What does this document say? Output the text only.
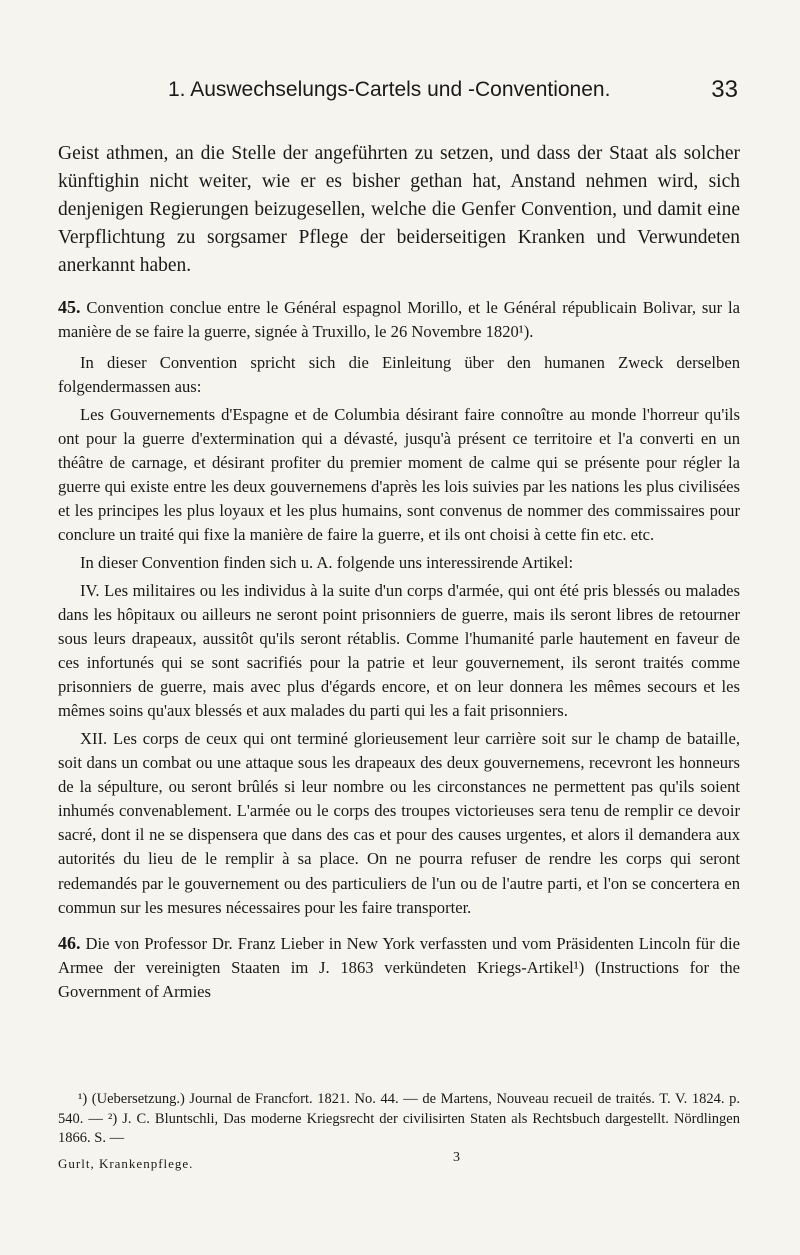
1. Auswechselungs-Cartels und -Conventionen.	33

Geist athmen, an die Stelle der angeführten zu setzen, und dass der Staat als solcher künftighin nicht weiter, wie er es bisher gethan hat, Anstand nehmen wird, sich denjenigen Regierungen beizugesellen, welche die Genfer Convention, und damit eine Verpflichtung zu sorgsamer Pflege der beiderseitigen Kranken und Verwundeten anerkannt haben.

45. Convention conclue entre le Général espagnol Morillo, et le Général républicain Bolivar, sur la manière de se faire la guerre, signée à Truxillo, le 26 Novembre 1820¹).

In dieser Convention spricht sich die Einleitung über den humanen Zweck derselben folgendermassen aus:

Les Gouvernements d'Espagne et de Columbia désirant faire connoître au monde l'horreur qu'ils ont pour la guerre d'extermination qui a dévasté, jusqu'à présent ce territoire et l'a converti en un théâtre de carnage, et désirant profiter du premier moment de calme qui se présente pour régler la guerre qui existe entre les deux gouvernemens d'après les lois suivies par les nations les plus civilisées et les principes les plus loyaux et les plus humains, sont convenus de nommer des commissaires pour conclure un traité qui fixe la manière de faire la guerre, et ils ont choisi à cette fin etc. etc.

In dieser Convention finden sich u. A. folgende uns interessirende Artikel:

IV. Les militaires ou les individus à la suite d'un corps d'armée, qui ont été pris blessés ou malades dans les hôpitaux ou ailleurs ne seront point prisonniers de guerre, mais ils seront libres de retourner sous leurs drapeaux, aussitôt qu'ils seront rétablis. Comme l'humanité parle hautement en faveur de ces infortunés qui se sont sacrifiés pour la patrie et leur gouvernement, ils seront traités comme prisonniers de guerre, mais avec plus d'égards encore, et on leur donnera les mêmes secours et les mêmes soins qu'aux blessés et aux malades du parti qui les a fait prisonniers.

XII. Les corps de ceux qui ont terminé glorieusement leur carrière soit sur le champ de bataille, soit dans un combat ou une attaque sous les drapeaux des deux gouvernemens, recevront les honneurs de la sépulture, ou seront brûlés si leur nombre ou les circonstances ne permettent pas qu'ils soient inhumés convenablement. L'armée ou le corps des troupes victorieuses sera tenu de remplir ce devoir sacré, dont il ne se dispensera que dans des cas et pour des causes urgentes, et alors il demandera aux autorités du lieu de le remplir à sa place. On ne pourra refuser de rendre les corps qui seront redemandés par le gouvernement ou des particuliers de l'un ou de l'autre parti, et l'on se concertera en commun sur les mesures nécessaires pour les faire transporter.

46. Die von Professor Dr. Franz Lieber in New York verfassten und vom Präsidenten Lincoln für die Armee der vereinigten Staaten im J. 1863 verkündeten Kriegs-Artikel¹) (Instructions for the Government of Armies

¹) (Uebersetzung.) Journal de Francfort. 1821. No. 44. — de Martens, Nouveau recueil de traités. T. V. 1824. p. 540. — ²) J. C. Bluntschli, Das moderne Kriegsrecht der civilisirten Staten als Rechtsbuch dargestellt. Nördlingen 1866. S. —
Gurlt, Krankenpflege.	3
